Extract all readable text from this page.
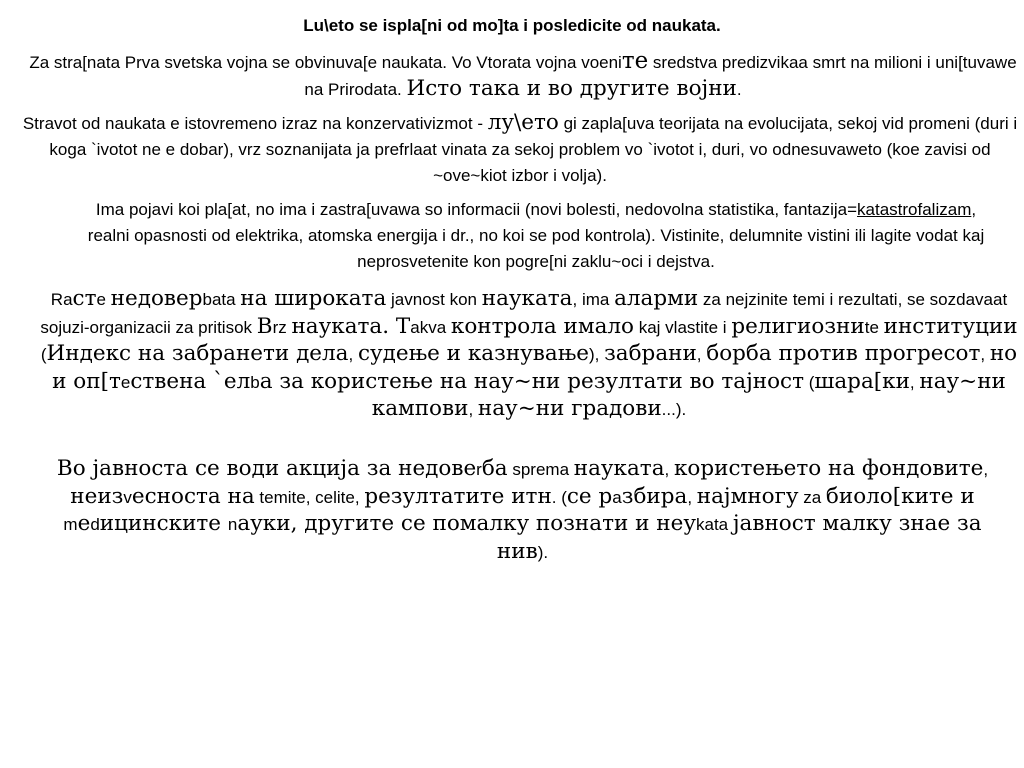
Lu\eto se ispla[ni od mo]ta i posledicite od naukata.
Za stra[nata Prva svetska vojna se obvinuva[e naukata. Vo Vtorata vojna voeniте sredstva predizvikaa smrt na milioni i uni[tuvawe na Prirodata. Исто така и во другите војни.
Stravot od naukata e istovremeno izraz na konzervativizmot - лу\ето gi zapla[uva teorijata na evolucijata, sekoj vid promeni (duri i koga `ivotot ne e dobar), vrz soznanijata ja prefrlaat vinata za sekoj problem vo `ivotot i, duri, vo odnesuvaweto (koe zavisi od ~ove~kiot izbor i volja).
Ima pojavi koi pla[at, no ima i zastra[uvawa so informacii (novi bolesti, nedovolna statistika, fantazija=katastrofalizam, realni opasnosti od elektrika, atomska energija i dr., no koi se pod kontrola). Vistinite, delumnite vistini ili lagite vodat kaj neprosvetenite kon pogre[ni zaklu~oci i dejstva.
Raстe недоверbata на широката javnost kon науката, ima аларми za nejzinite temi i rezultati, se sozdavaat sojuzi-organizacii za pritisok Вrz науката. Тakva контрола имало kaj vlastite i религиозниte институции (Индекс на забранети дела, судење и казнување), забрани, борба против прогресот, но и оп[тeствена `елbа за користење на нау~ни резултати во тајност (шара[ки, нау~ни кампови, нау~ни градови...).
Во јавноста се води акција за недовеrба sprema науката, користењето на фондовите, неизvесноста на temite, celite, резултатите итн. (се рaзбира, најмногу za биоло[ките и mеdицинските nауки, другите се помалку познати и неуkata јавност малку знае за нив).
